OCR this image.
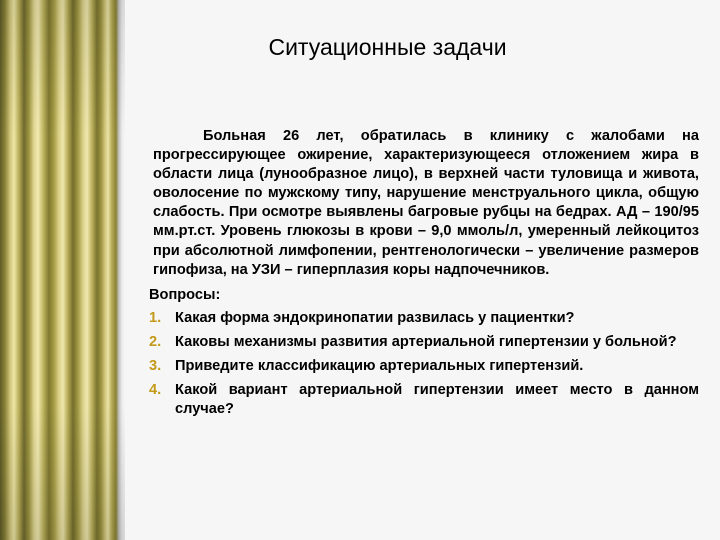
Ситуационные задачи

Больная 26 лет, обратилась в клинику с жалобами на прогрессирующее ожирение, характеризующееся отложением жира в области лица (лунообразное лицо), в верхней части туловища и живота, оволосение по мужскому типу, нарушение менструального цикла, общую слабость. При осмотре выявлены багровые рубцы на бедрах. АД – 190/95 мм.рт.ст. Уровень глюкозы в крови – 9,0 ммоль/л, умеренный лейкоцитоз при абсолютной лимфопении, рентгенологически – увеличение размеров гипофиза, на УЗИ – гиперплазия коры надпочечников.

Вопросы:

1. Какая форма эндокринопатии развилась у пациентки?
2. Каковы механизмы развития артериальной гипертензии у больной?
3. Приведите классификацию артериальных гипертензий.
4. Какой вариант артериальной гипертензии имеет место в данном случае?
